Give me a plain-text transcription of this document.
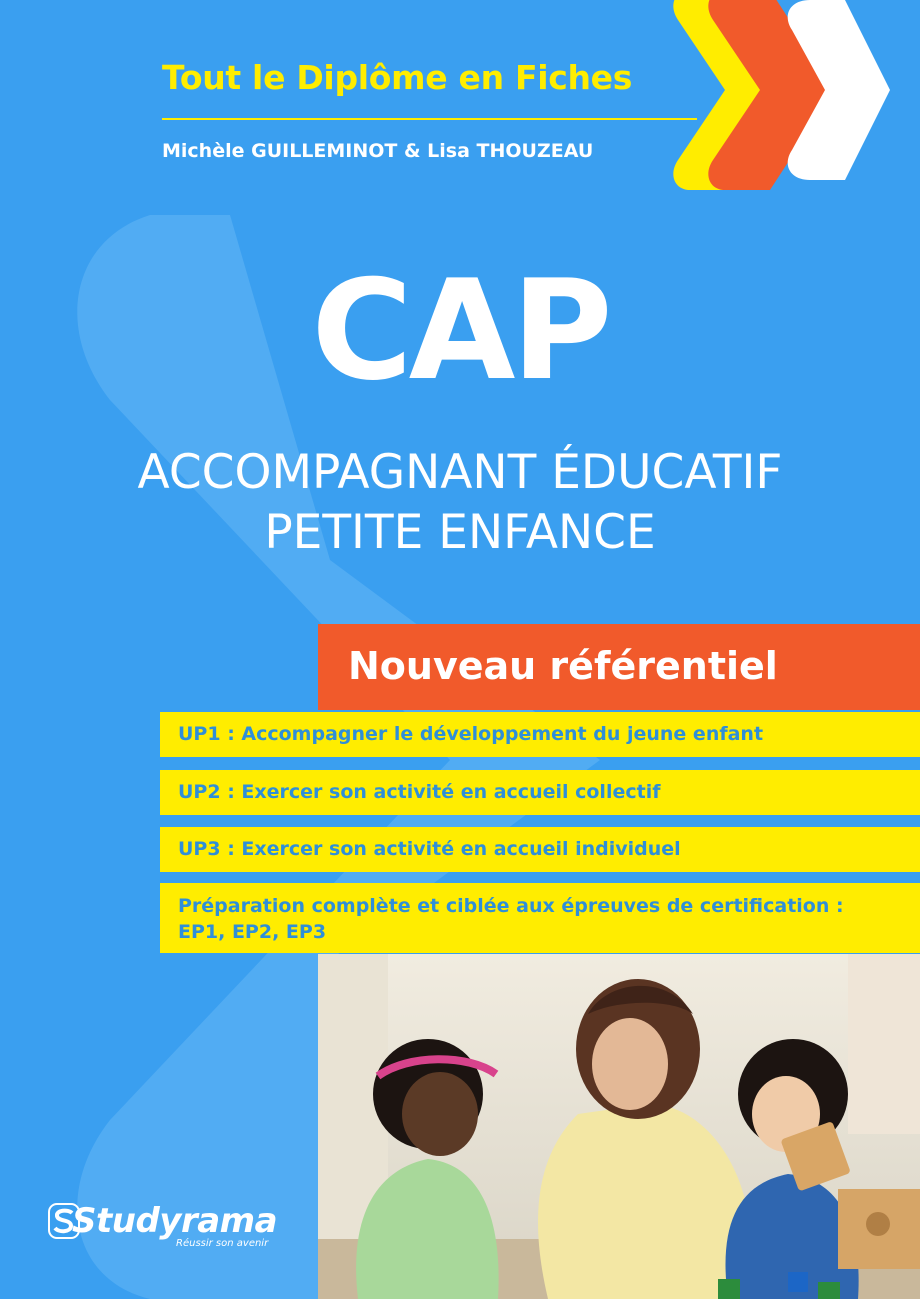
Tout le Diplôme en Fiches
Michèle GUILLEMINOT & Lisa THOUZEAU
CAP
ACCOMPAGNANT ÉDUCATIF
PETITE ENFANCE
Nouveau référentiel
UP1 : Accompagner le développement du jeune enfant
UP2 : Exercer son activité en accueil collectif
UP3 : Exercer son activité en accueil individuel
Préparation complète et ciblée aux épreuves de certification :
EP1, EP2, EP3
Studyrama
Réussir son avenir
